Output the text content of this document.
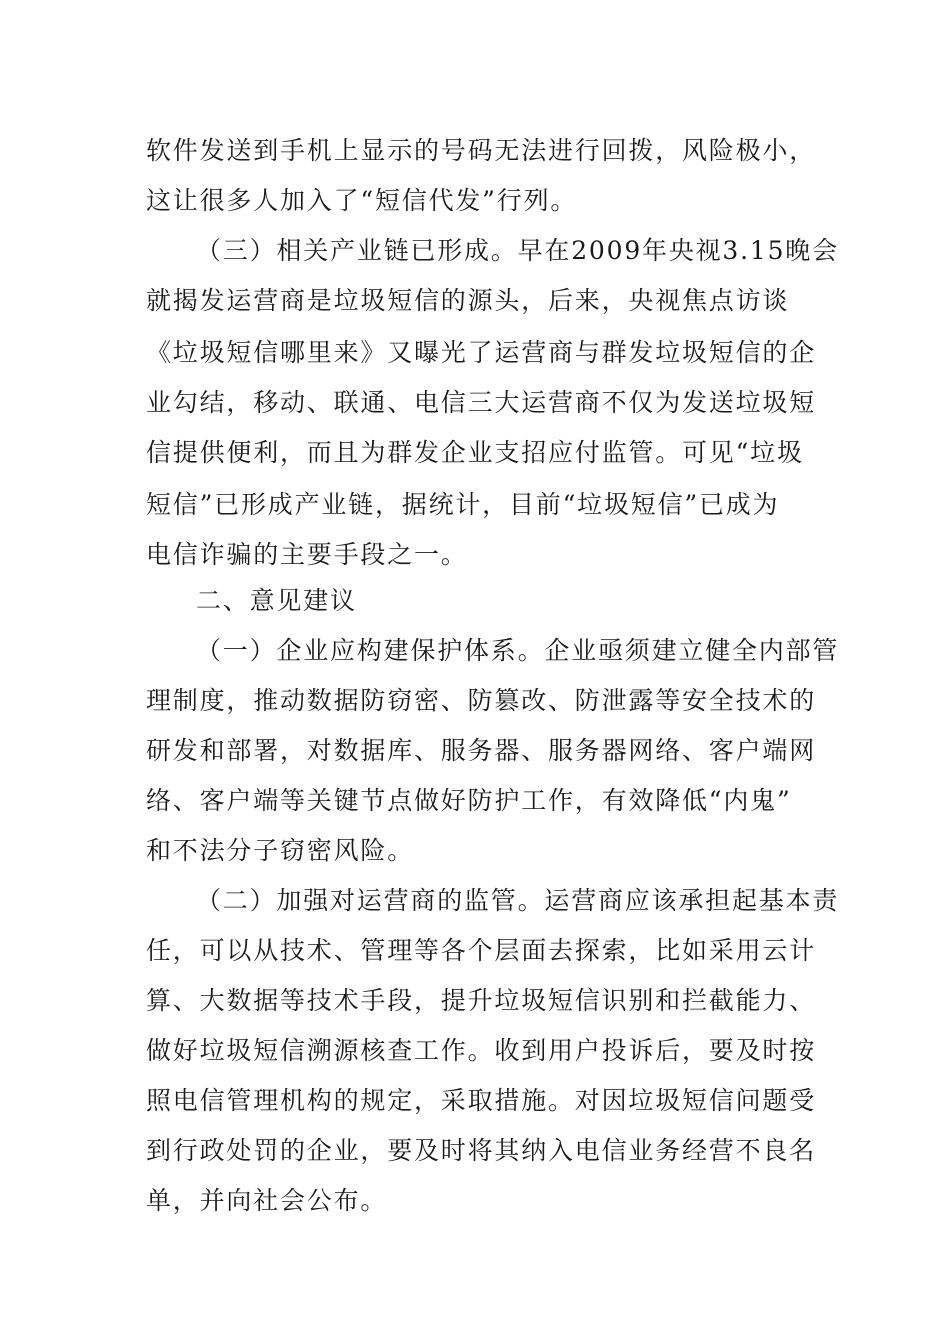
软件发送到手机上显示的号码无法进行回拨，风险极小，
这让很多人加入了“短信代发”行列。
（三）相关产业链已形成。早在2009年央视3.15晚会
就揭发运营商是垃圾短信的源头，后来，央视焦点访谈
《垃圾短信哪里来》又曝光了运营商与群发垃圾短信的企
业勾结，移动、联通、电信三大运营商不仅为发送垃圾短
信提供便利，而且为群发企业支招应付监管。可见“垃圾
短信”已形成产业链，据统计，目前“垃圾短信”已成为
电信诈骗的主要手段之一。
二、意见建议
（一）企业应构建保护体系。企业亟须建立健全内部管
理制度，推动数据防窃密、防篡改、防泄露等安全技术的
研发和部署，对数据库、服务器、服务器网络、客户端网
络、客户端等关键节点做好防护工作，有效降低“内鬼”
和不法分子窃密风险。
（二）加强对运营商的监管。运营商应该承担起基本责
任，可以从技术、管理等各个层面去探索，比如采用云计
算、大数据等技术手段，提升垃圾短信识别和拦截能力、
做好垃圾短信溯源核查工作。收到用户投诉后，要及时按
照电信管理机构的规定，采取措施。对因垃圾短信问题受
到行政处罚的企业，要及时将其纳入电信业务经营不良名
单，并向社会公布。
